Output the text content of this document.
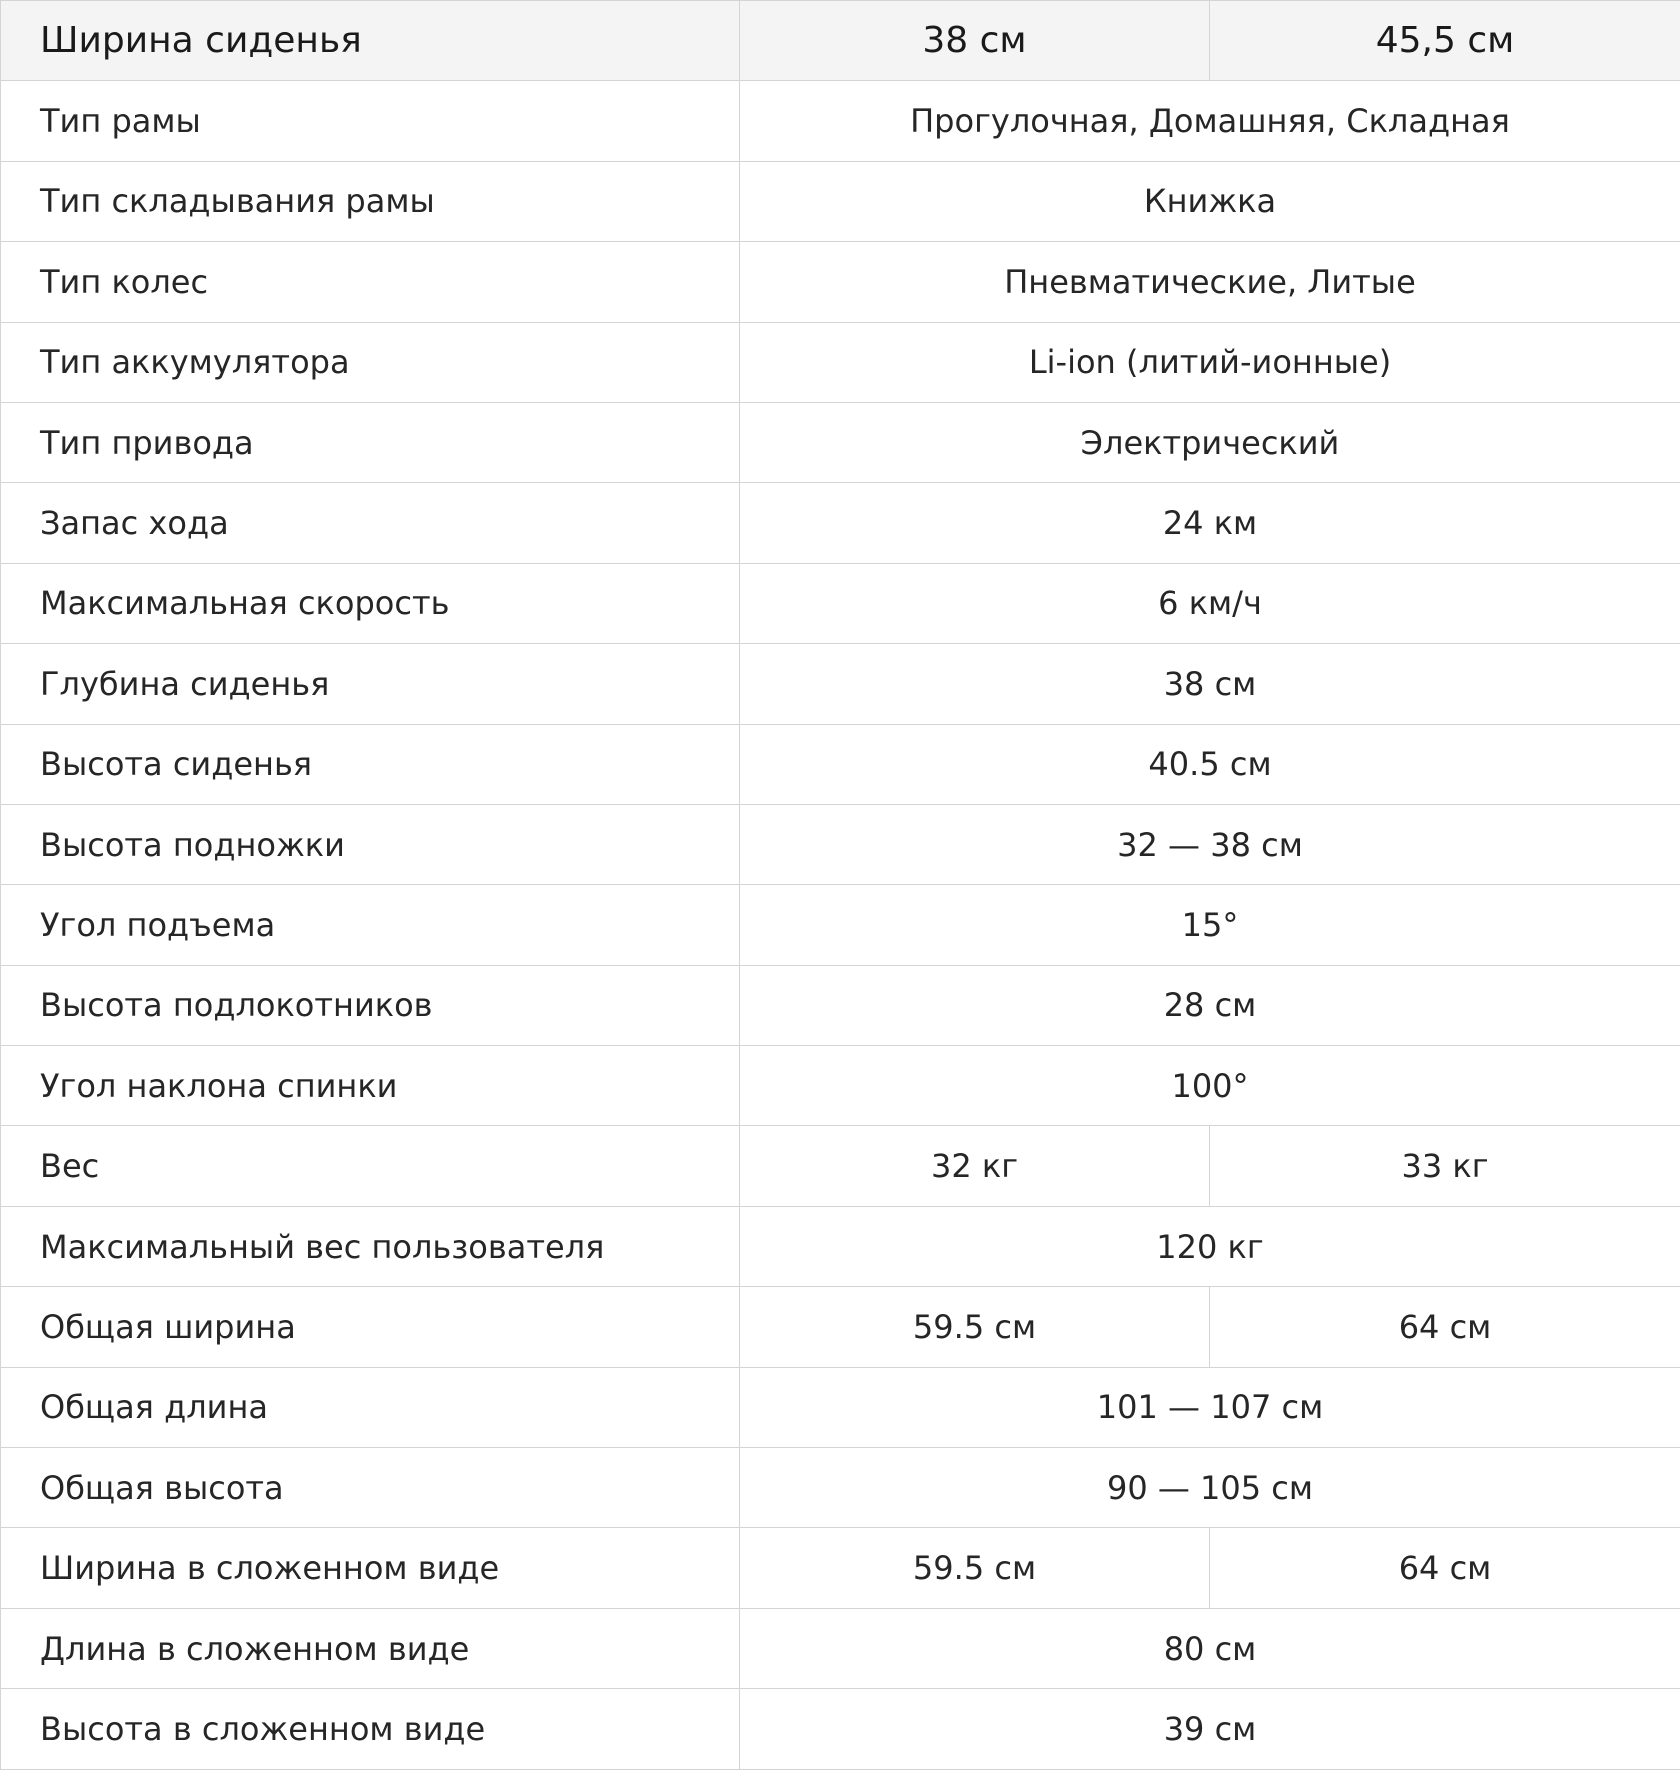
Ширина сиденья	38 см	45,5 см
Тип рамы	Прогулочная, Домашняя, Складная	
Тип складывания рамы	Книжка	
Тип колес	Пневматические, Литые	
Тип аккумулятора	Li-ion (литий-ионные)	
Тип привода	Электрический	
Запас хода	24 км	
Максимальная скорость	6 км/ч	
Глубина сиденья	38 см	
Высота сиденья	40.5 см	
Высота подножки	32 — 38 см	
Угол подъема	15°	
Высота подлокотников	28 см	
Угол наклона спинки	100°	
Вес	32 кг	33 кг
Максимальный вес пользователя	120 кг	
Общая ширина	59.5 см	64 см
Общая длина	101 — 107 см	
Общая высота	90 — 105 см	
Ширина в сложенном виде	59.5 см	64 см
Длина в сложенном виде	80 см	
Высота в сложенном виде	39 см	
